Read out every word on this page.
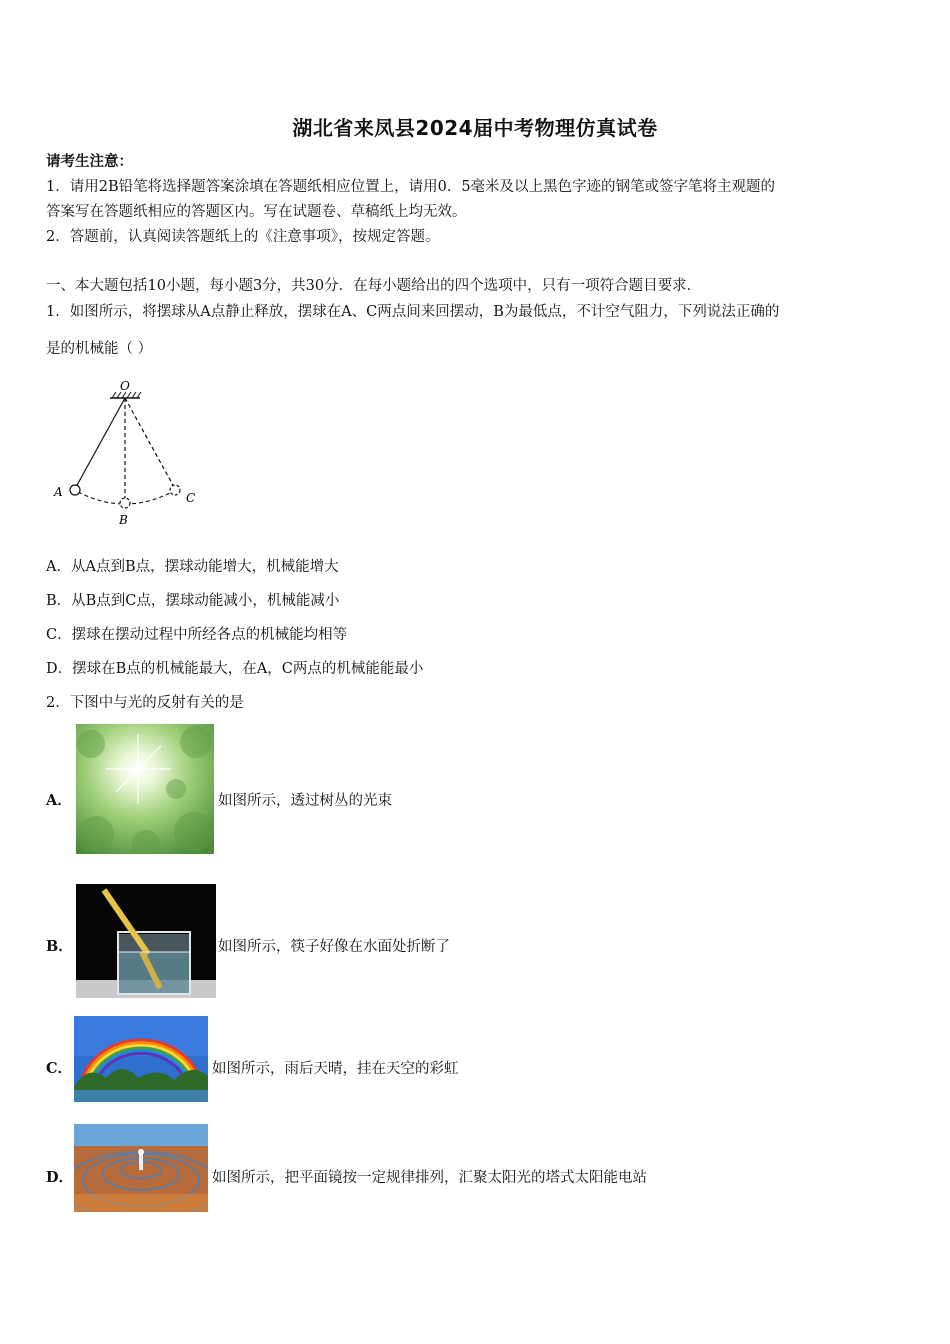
湖北省来凤县2024届中考物理仿真试卷
请考生注意：
1．请用2B铅笔将选择题答案涂填在答题纸相应位置上，请用0．5毫米及以上黑色字迹的钢笔或签字笔将主观题的
答案写在答题纸相应的答题区内。写在试题卷、草稿纸上均无效。
2．答题前，认真阅读答题纸上的《注意事项》，按规定答题。
一、本大题包括10小题，每小题3分，共30分．在每小题给出的四个选项中，只有一项符合题目要求．
1．如图所示，将摆球从A点静止释放，摆球在A、C两点间来回摆动，B为最低点，不计空气阻力，下列说法正确的
是的机械能（ ）
O
A
B
C
A．从A点到B点，摆球动能增大，机械能增大
B．从B点到C点，摆球动能减小，机械能减小
C．摆球在摆动过程中所经各点的机械能均相等
D．摆球在B点的机械能最大，在A，C两点的机械能能最小
2．下图中与光的反射有关的是
A．	如图所示，透过树丛的光束
B．	如图所示，筷子好像在水面处折断了
C．	如图所示，雨后天晴，挂在天空的彩虹
D．	如图所示，把平面镜按一定规律排列，汇聚太阳光的塔式太阳能电站
